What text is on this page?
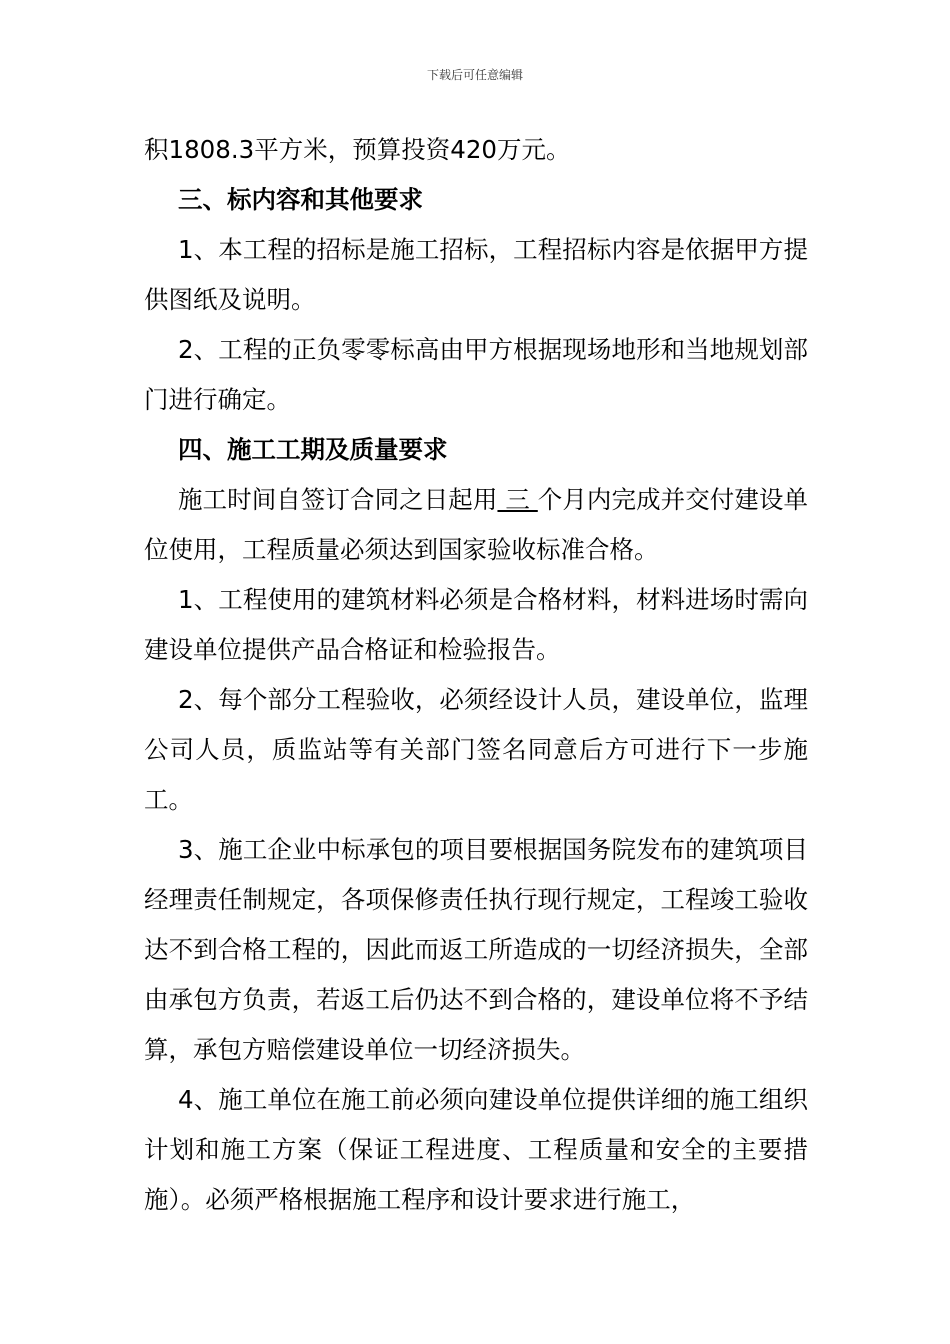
下载后可任意编辑

积1808.3平方米，预算投资420万元。

三、标内容和其他要求

1、本工程的招标是施工招标，工程招标内容是依据甲方提供图纸及说明。

2、工程的正负零零标高由甲方根据现场地形和当地规划部门进行确定。

四、施工工期及质量要求

施工时间自签订合同之日起用 三 个月内完成并交付建设单位使用，工程质量必须达到国家验收标准合格。

1、工程使用的建筑材料必须是合格材料，材料进场时需向建设单位提供产品合格证和检验报告。

2、每个部分工程验收，必须经设计人员，建设单位，监理公司人员，质监站等有关部门签名同意后方可进行下一步施工。

3、施工企业中标承包的项目要根据国务院发布的建筑项目经理责任制规定，各项保修责任执行现行规定，工程竣工验收达不到合格工程的，因此而返工所造成的一切经济损失，全部由承包方负责，若返工后仍达不到合格的，建设单位将不予结算，承包方赔偿建设单位一切经济损失。

4、施工单位在施工前必须向建设单位提供详细的施工组织计划和施工方案（保证工程进度、工程质量和安全的主要措施）。必须严格根据施工程序和设计要求进行施工，
